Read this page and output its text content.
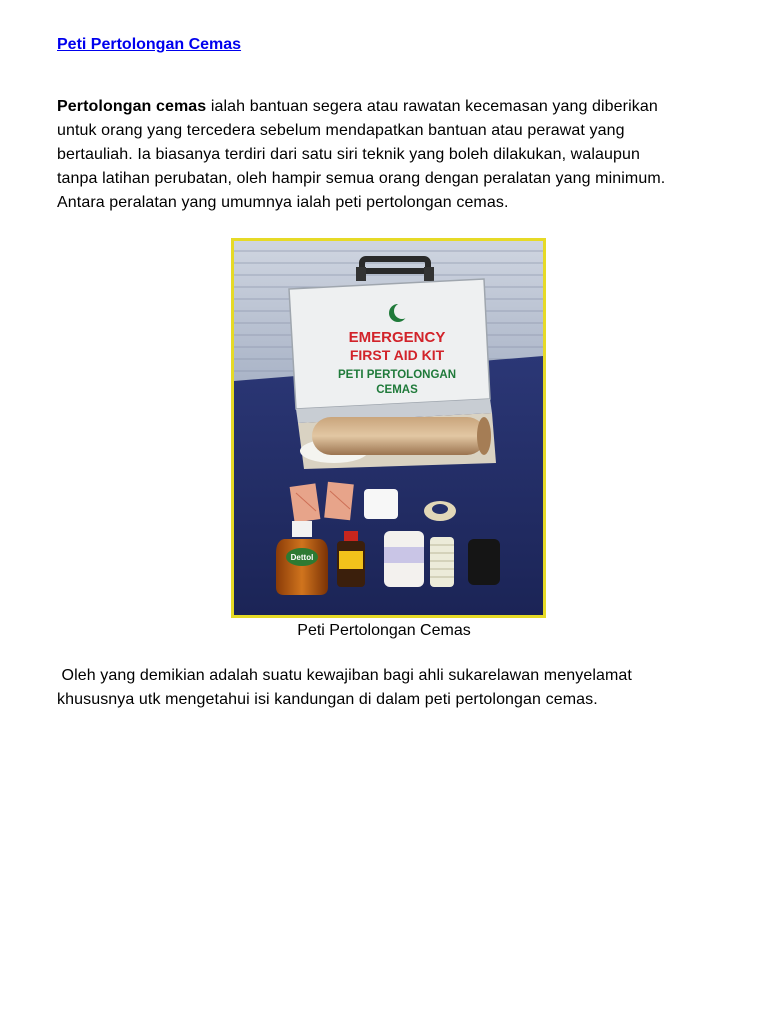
Peti Pertolongan Cemas
Pertolongan cemas ialah bantuan segera atau rawatan kecemasan yang diberikan
untuk orang yang tercedera sebelum mendapatkan bantuan atau perawat yang
bertauliah. Ia biasanya terdiri dari satu siri teknik yang boleh dilakukan, walaupun
tanpa latihan perubatan, oleh hampir semua orang dengan peralatan yang minimum.
Antara peralatan yang umumnya ialah peti pertolongan cemas.
EMERGENCY
FIRST AID KIT
PETI PERTOLONGAN
CEMAS
Dettol
Peti Pertolongan Cemas
Oleh yang demikian adalah suatu kewajiban bagi ahli sukarelawan menyelamat
khususnya utk mengetahui isi kandungan di dalam peti pertolongan cemas.
